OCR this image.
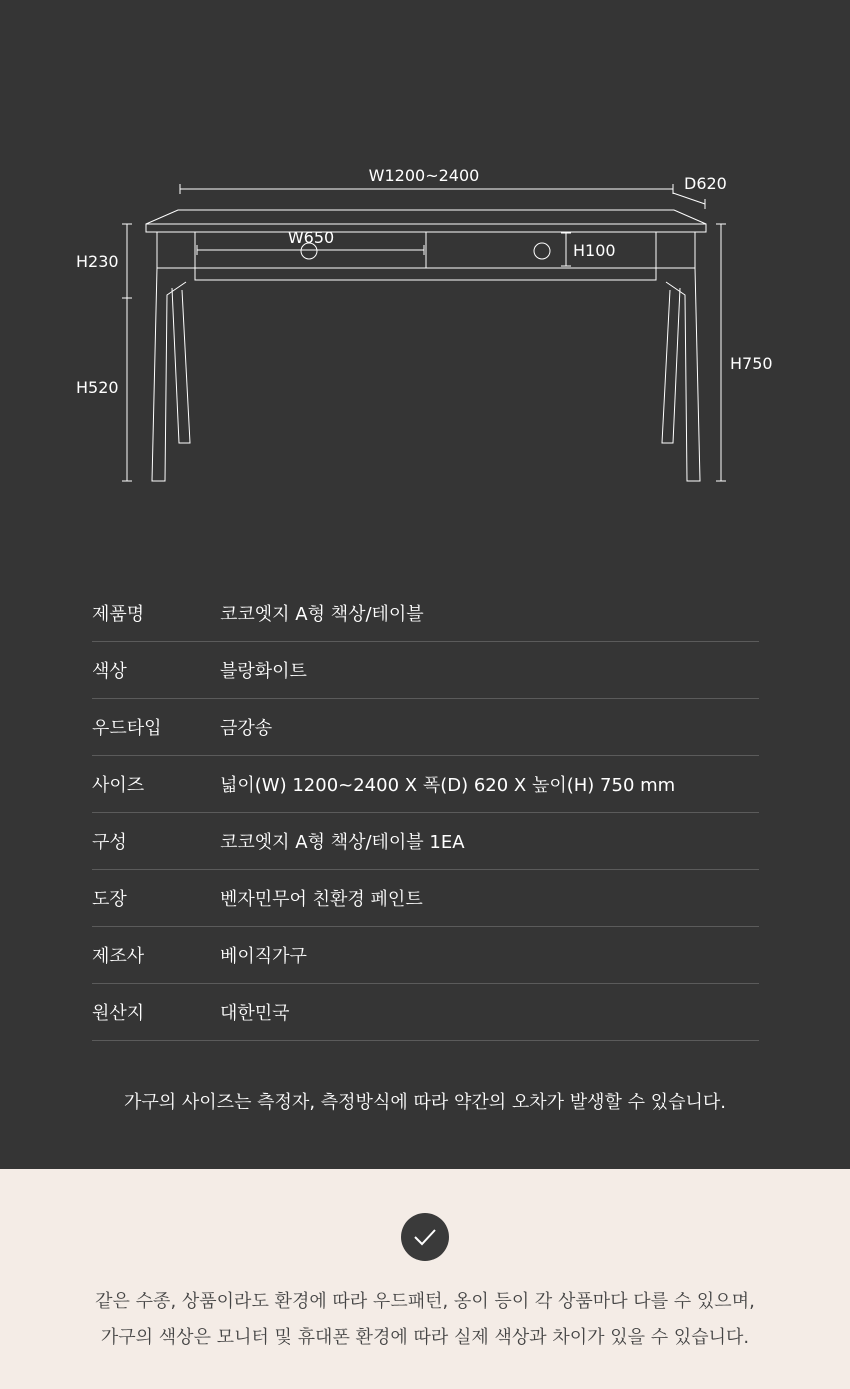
W1200~2400	D620
W650
H100
H230
H520
H750
제품명	코코엣지 A형 책상/테이블
색상	블랑화이트
우드타입	금강송
사이즈	넓이(W) 1200~2400 X 폭(D) 620 X 높이(H) 750 mm
구성	코코엣지 A형 책상/테이블 1EA
도장	벤자민무어 친환경 페인트
제조사	베이직가구
원산지	대한민국
가구의 사이즈는 측정자, 측정방식에 따라 약간의 오차가 발생할 수 있습니다.
같은 수종, 상품이라도 환경에 따라 우드패턴, 옹이 등이 각 상품마다 다를 수 있으며,
가구의 색상은 모니터 및 휴대폰 환경에 따라 실제 색상과 차이가 있을 수 있습니다.
